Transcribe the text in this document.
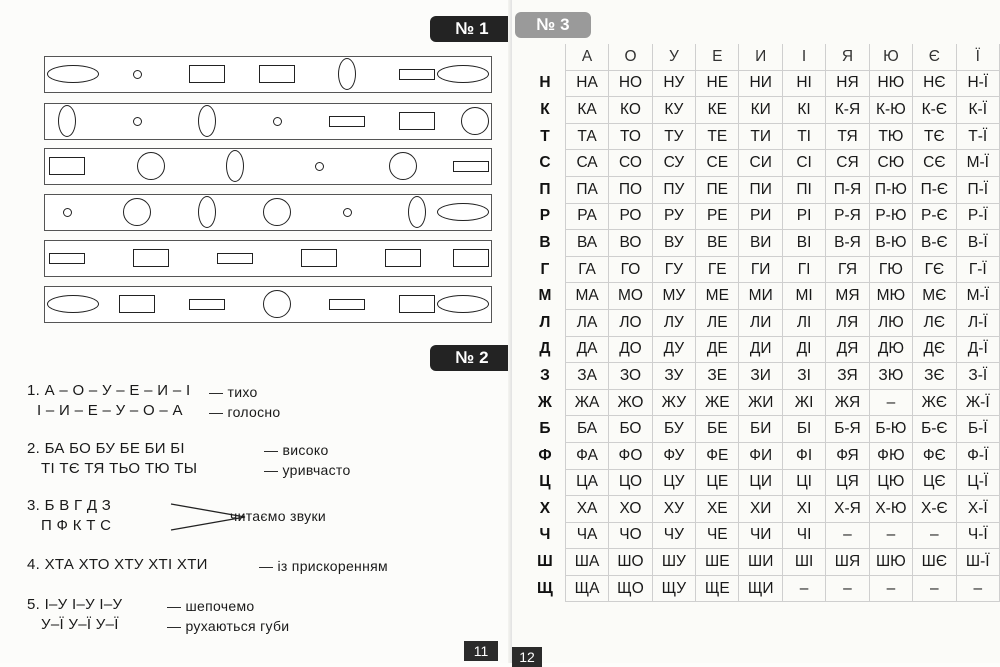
№ 1
№ 2
1. А – О – У – Е – И – І
І – И – Е – У – О – А
— тихо
— голосно
2. БА БО БУ БЕ БИ БІ
ТІ ТЄ ТЯ ТЬО ТЮ ТЫ
— високо
— уривчасто
3. Б В Г Д З
П Ф К Т С
читаємо звуки
4. ХТА ХТО ХТУ ХТІ ХТИ	— із прискоренням
5. І–У І–У І–У
У–Ї У–Ї У–Ї
— шепочемо
— рухаються губи
11
№ 3
12
	А	О	У	Е	И	І	Я	Ю	Є	Ї
Н	НА	НО	НУ	НЕ	НИ	НІ	НЯ	НЮ	НЄ	Н-Ї
К	КА	КО	КУ	КЕ	КИ	КІ	К-Я	К-Ю	К-Є	К-Ї
Т	ТА	ТО	ТУ	ТЕ	ТИ	ТІ	ТЯ	ТЮ	ТЄ	Т-Ї
С	СА	СО	СУ	СЕ	СИ	СІ	СЯ	СЮ	СЄ	М-Ї
П	ПА	ПО	ПУ	ПЕ	ПИ	ПІ	П-Я	П-Ю	П-Є	П-Ї
Р	РА	РО	РУ	РЕ	РИ	РІ	Р-Я	Р-Ю	Р-Є	Р-Ї
В	ВА	ВО	ВУ	ВЕ	ВИ	ВІ	В-Я	В-Ю	В-Є	В-Ї
Г	ГА	ГО	ГУ	ГЕ	ГИ	ГІ	ГЯ	ГЮ	ГЄ	Г-Ї
М	МА	МО	МУ	МЕ	МИ	МІ	МЯ	МЮ	МЄ	М-Ї
Л	ЛА	ЛО	ЛУ	ЛЕ	ЛИ	ЛІ	ЛЯ	ЛЮ	ЛЄ	Л-Ї
Д	ДА	ДО	ДУ	ДЕ	ДИ	ДІ	ДЯ	ДЮ	ДЄ	Д-Ї
З	ЗА	ЗО	ЗУ	ЗЕ	ЗИ	ЗІ	ЗЯ	ЗЮ	ЗЄ	З-Ї
Ж	ЖА	ЖО	ЖУ	ЖЕ	ЖИ	ЖІ	ЖЯ	–	ЖЄ	Ж-Ї
Б	БА	БО	БУ	БЕ	БИ	БІ	Б-Я	Б-Ю	Б-Є	Б-Ї
Ф	ФА	ФО	ФУ	ФЕ	ФИ	ФІ	ФЯ	ФЮ	ФЄ	Ф-Ї
Ц	ЦА	ЦО	ЦУ	ЦЕ	ЦИ	ЦІ	ЦЯ	ЦЮ	ЦЄ	Ц-Ї
Х	ХА	ХО	ХУ	ХЕ	ХИ	ХІ	Х-Я	Х-Ю	Х-Є	Х-Ї
Ч	ЧА	ЧО	ЧУ	ЧЕ	ЧИ	ЧІ	–	–	–	Ч-Ї
Ш	ША	ШО	ШУ	ШЕ	ШИ	ШІ	ШЯ	ШЮ	ШЄ	Ш-Ї
Щ	ЩА	ЩО	ЩУ	ЩЕ	ЩИ	–	–	–	–	–
